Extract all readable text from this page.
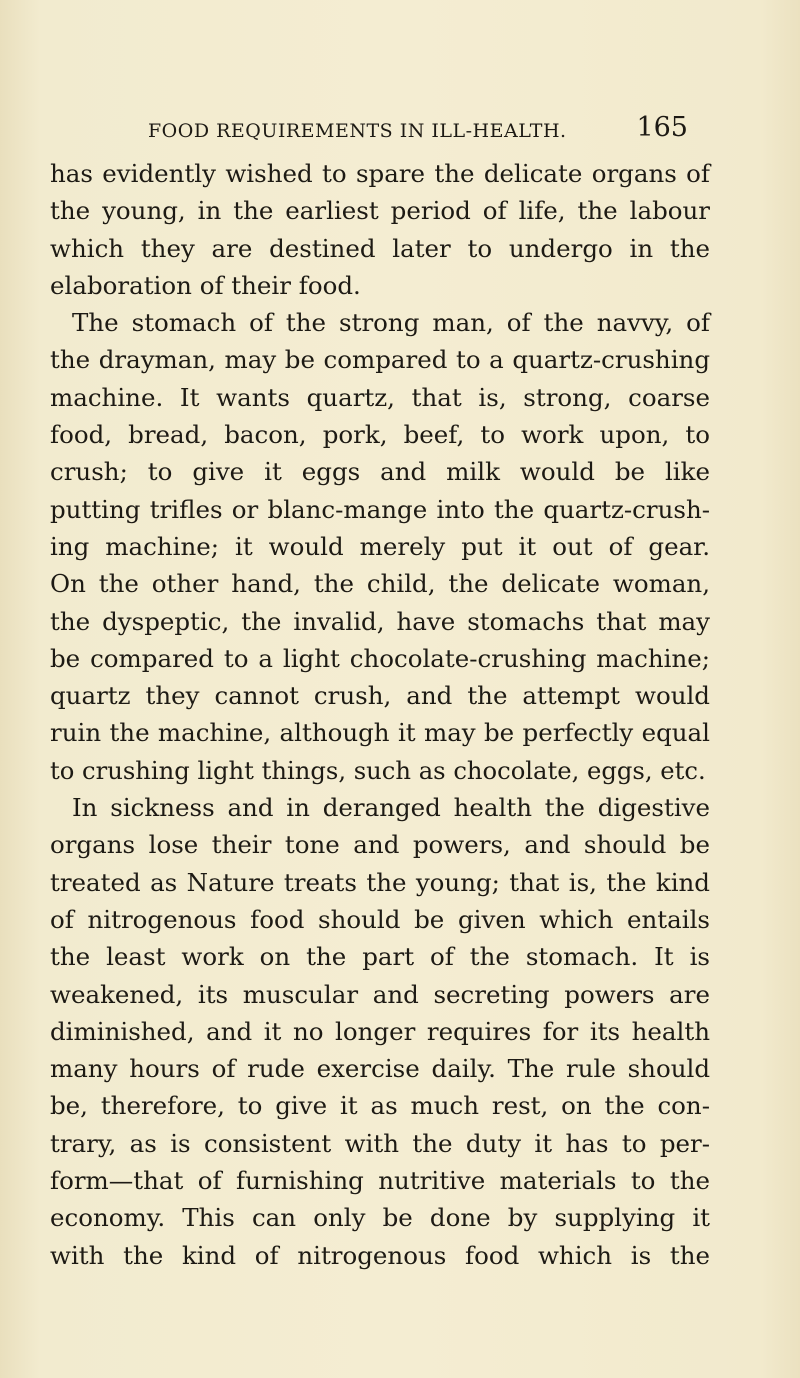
FOOD REQUIREMENTS IN ILL-HEALTH.	165
has evidently wished to spare the delicate organs of
the young, in the earliest period of life, the labour
which they are destined later to undergo in the
elaboration of their food.
The stomach of the strong man, of the navvy, of
the drayman, may be compared to a quartz-crushing
machine. It wants quartz, that is, strong, coarse
food, bread, bacon, pork, beef, to work upon, to
crush; to give it eggs and milk would be like
putting trifles or blanc-mange into the quartz-crush-
ing machine; it would merely put it out of gear.
On the other hand, the child, the delicate woman,
the dyspeptic, the invalid, have stomachs that may
be compared to a light chocolate-crushing machine;
quartz they cannot crush, and the attempt would
ruin the machine, although it may be perfectly equal
to crushing light things, such as chocolate, eggs, etc.
In sickness and in deranged health the digestive
organs lose their tone and powers, and should be
treated as Nature treats the young; that is, the kind
of nitrogenous food should be given which entails
the least work on the part of the stomach. It is
weakened, its muscular and secreting powers are
diminished, and it no longer requires for its health
many hours of rude exercise daily. The rule should
be, therefore, to give it as much rest, on the con-
trary, as is consistent with the duty it has to per-
form—that of furnishing nutritive materials to the
economy. This can only be done by supplying it
with the kind of nitrogenous food which is the
